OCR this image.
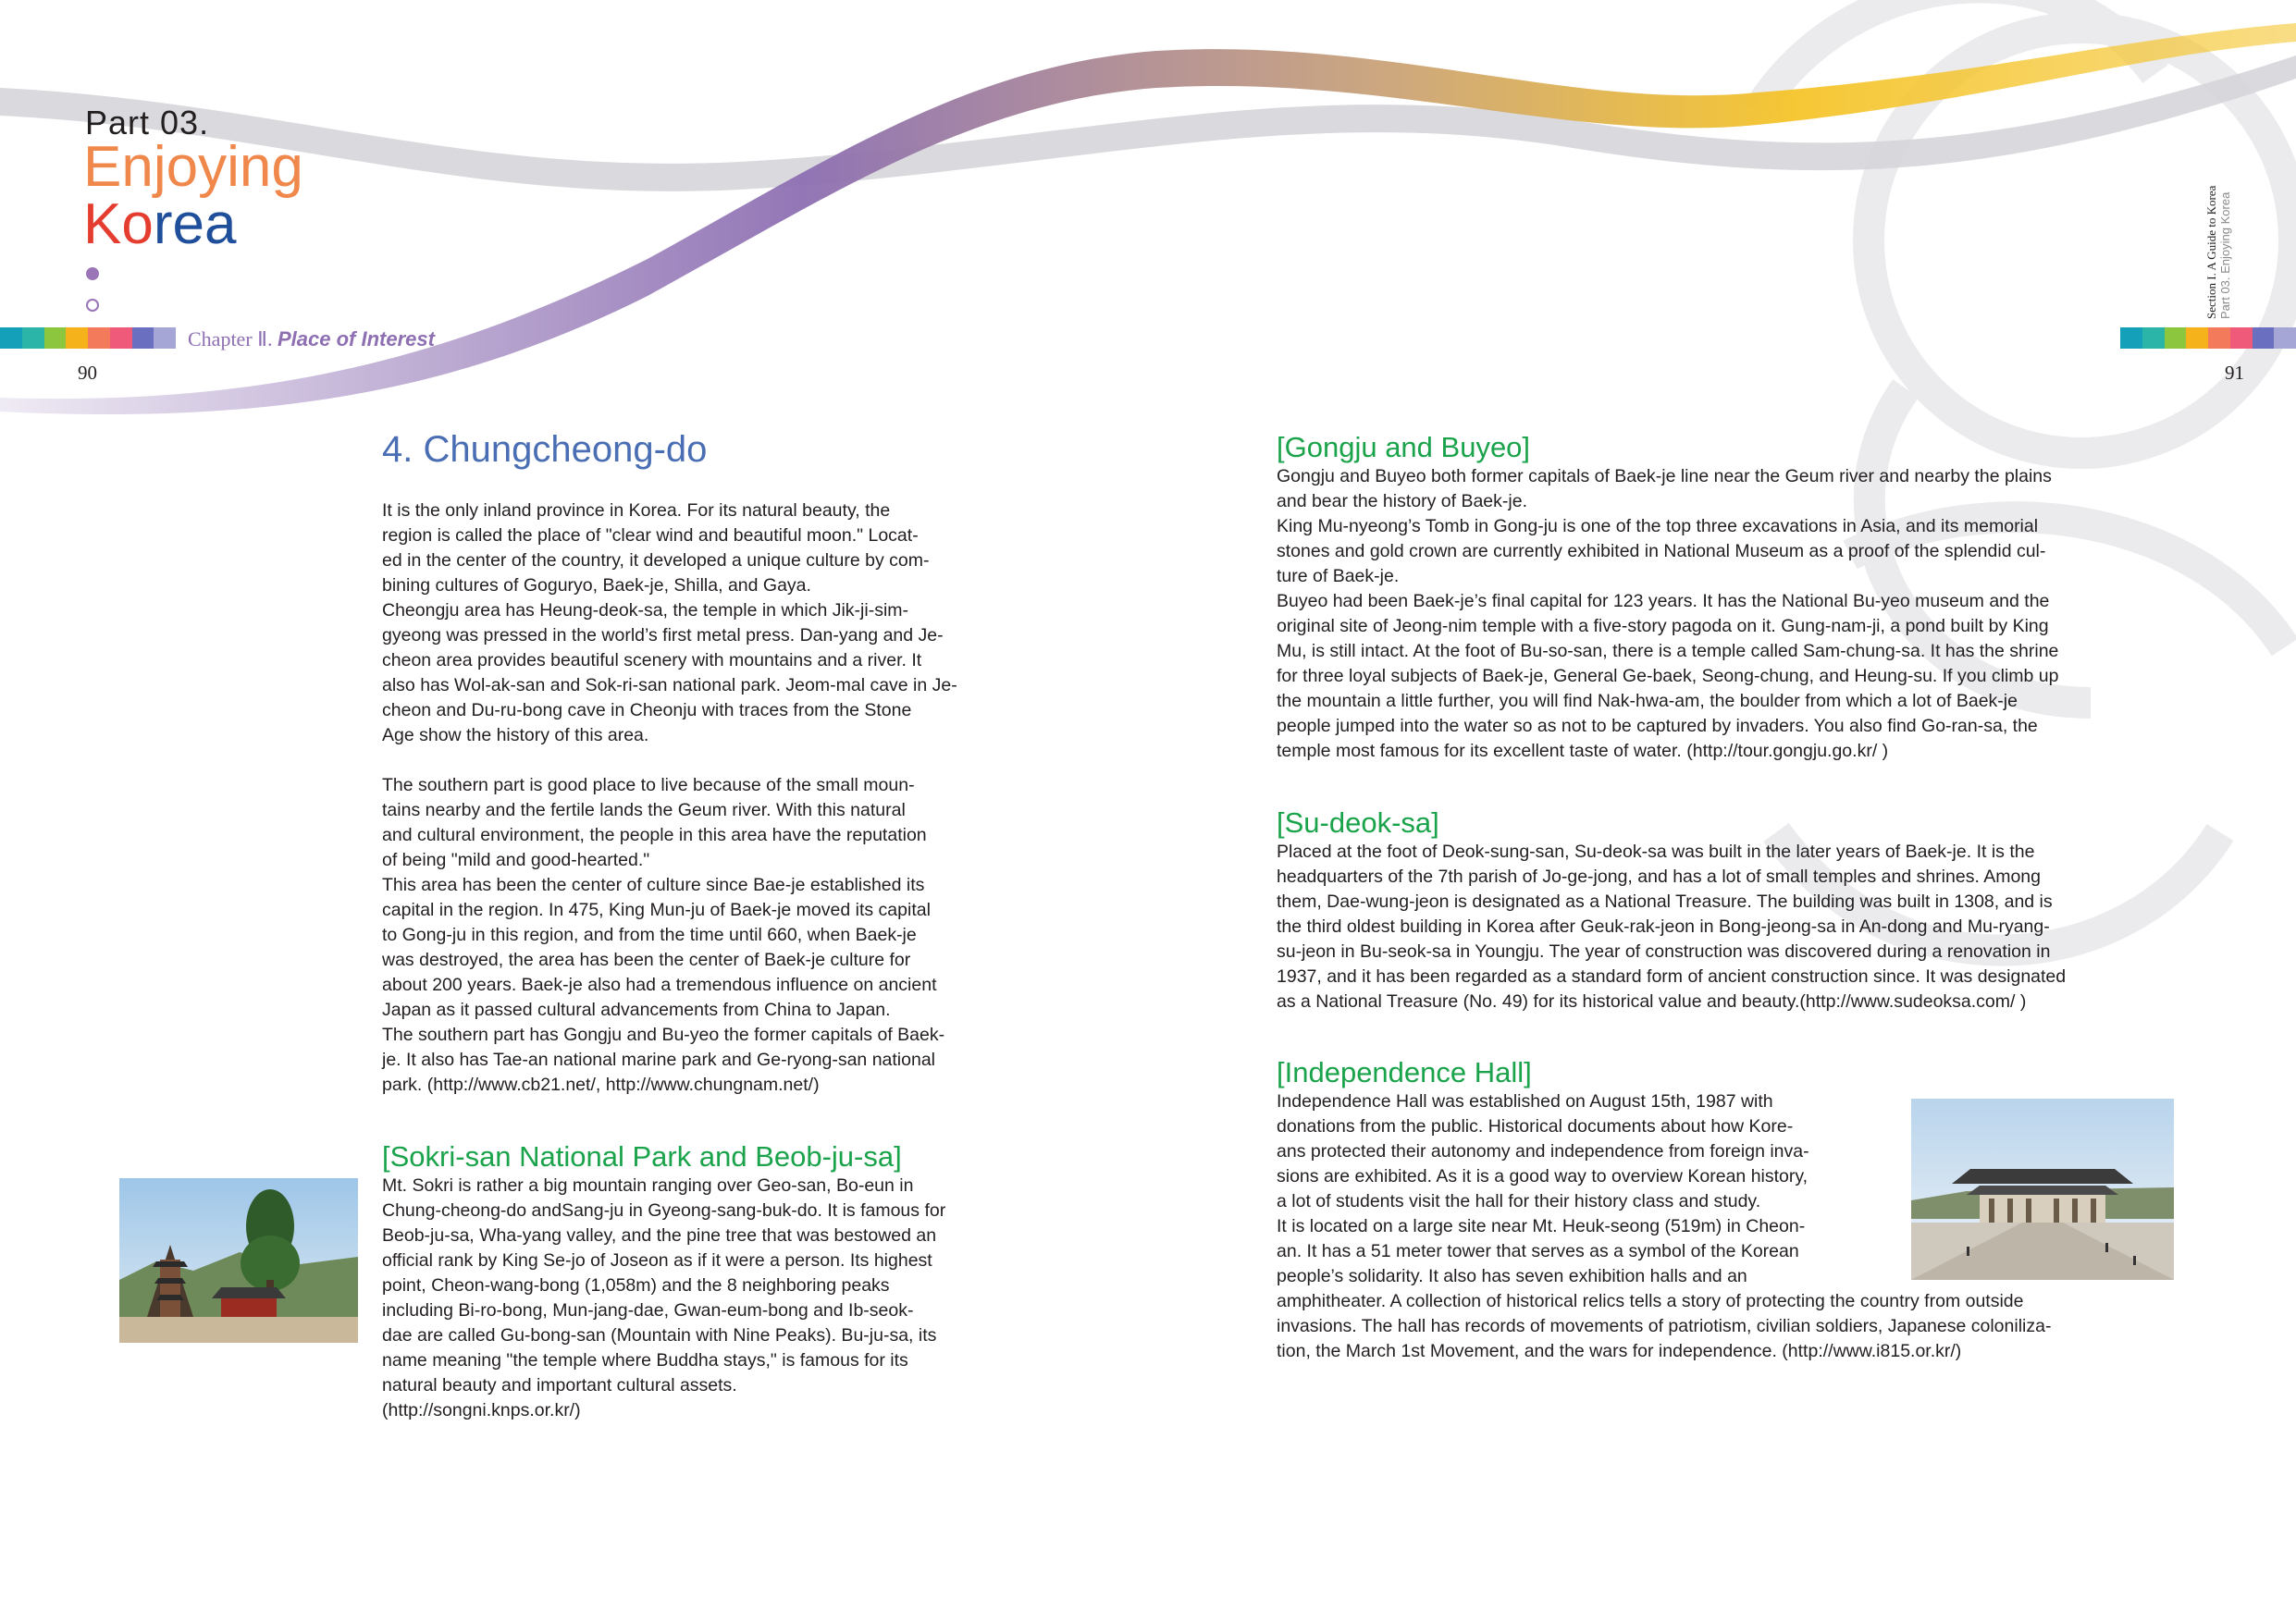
Part 03.
Enjoying
Korea
Chapter Ⅱ. Place of Interest
90	91
Section I. A Guide to Korea Part 03. Enjoying Korea
4. Chungcheong-do

It is the only inland province in Korea. For its natural beauty, the

region is called the place of "clear wind and beautiful moon." Locat-

ed in the center of the country, it developed a unique culture by com-

bining cultures of Goguryo, Baek-je, Shilla, and Gaya.

Cheongju area has Heung-deok-sa, the temple in which Jik-ji-sim-

gyeong was pressed in the world’s first metal press. Dan-yang and Je-

cheon area provides beautiful scenery with mountains and a river. It

also has Wol-ak-san and Sok-ri-san national park. Jeom-mal cave in Je-

cheon and Du-ru-bong cave in Cheonju with traces from the Stone

Age show the history of this area.

The southern part is good place to live because of the small moun-

tains nearby and the fertile lands the Geum river. With this natural

and cultural environment, the people in this area have the reputation

of being "mild and good-hearted."

This area has been the center of culture since Bae-je established its

capital in the region. In 475, King Mun-ju of Baek-je moved its capital

to Gong-ju in this region, and from the time until 660, when Baek-je

was destroyed, the area has been the center of Baek-je culture for

about 200 years. Baek-je also had a tremendous influence on ancient

Japan as it passed cultural advancements from China to Japan.

The southern part has Gongju and Bu-yeo the former capitals of Baek-

je. It also has Tae-an national marine park and Ge-ryong-san national

park. (http://www.cb21.net/, http://www.chungnam.net/)

[Sokri-san National Park and Beob-ju-sa]

Mt. Sokri is rather a big mountain ranging over Geo-san, Bo-eun in

Chung-cheong-do andSang-ju in Gyeong-sang-buk-do. It is famous for

Beob-ju-sa, Wha-yang valley, and the pine tree that was bestowed an

official rank by King Se-jo of Joseon as if it were a person. Its highest

point, Cheon-wang-bong (1,058m) and the 8 neighboring peaks

including Bi-ro-bong, Mun-jang-dae, Gwan-eum-bong and Ib-seok-

dae are called Gu-bong-san (Mountain with Nine Peaks). Bu-ju-sa, its

name meaning "the temple where Buddha stays," is famous for its

natural beauty and important cultural assets.

(http://songni.knps.or.kr/)

[Gongju and Buyeo]

Gongju and Buyeo both former capitals of Baek-je line near the Geum river and nearby the plains

and bear the history of Baek-je.

King Mu-nyeong’s Tomb in Gong-ju is one of the top three excavations in Asia, and its memorial

stones and gold crown are currently exhibited in National Museum as a proof of the splendid cul-

ture of Baek-je.

Buyeo had been Baek-je’s final capital for 123 years. It has the National Bu-yeo museum and the

original site of Jeong-nim temple with a five-story pagoda on it. Gung-nam-ji, a pond built by King

Mu, is still intact. At the foot of Bu-so-san, there is a temple called Sam-chung-sa. It has the shrine

for three loyal subjects of Baek-je, General Ge-baek, Seong-chung, and Heung-su. If you climb up

the mountain a little further, you will find Nak-hwa-am, the boulder from which a lot of Baek-je

people jumped into the water so as not to be captured by invaders. You also find Go-ran-sa, the

temple most famous for its excellent taste of water. (http://tour.gongju.go.kr/ )

[Su-deok-sa]

Placed at the foot of Deok-sung-san, Su-deok-sa was built in the later years of Baek-je. It is the

headquarters of the 7th parish of Jo-ge-jong, and has a lot of small temples and shrines. Among

them, Dae-wung-jeon is designated as a National Treasure. The building was built in 1308, and is

the third oldest building in Korea after Geuk-rak-jeon in Bong-jeong-sa in An-dong and Mu-ryang-

su-jeon in Bu-seok-sa in Youngju. The year of construction was discovered during a renovation in

1937, and it has been regarded as a standard form of ancient construction since. It was designated

as a National Treasure (No. 49) for its historical value and beauty.(http://www.sudeoksa.com/ )

[Independence Hall]

Independence Hall was established on August 15th, 1987 with

donations from the public. Historical documents about how Kore-

ans protected their autonomy and independence from foreign inva-

sions are exhibited. As it is a good way to overview Korean history,

a lot of students visit the hall for their history class and study.

It is located on a large site near Mt. Heuk-seong (519m) in Cheon-

an. It has a 51 meter tower that serves as a symbol of the Korean

people’s solidarity. It also has seven exhibition halls and an

amphitheater. A collection of historical relics tells a story of protecting the country from outside

invasions. The hall has records of movements of patriotism, civilian soldiers, Japanese coloniliza-

tion, the March 1st Movement, and the wars for independence. (http://www.i815.or.kr/)
